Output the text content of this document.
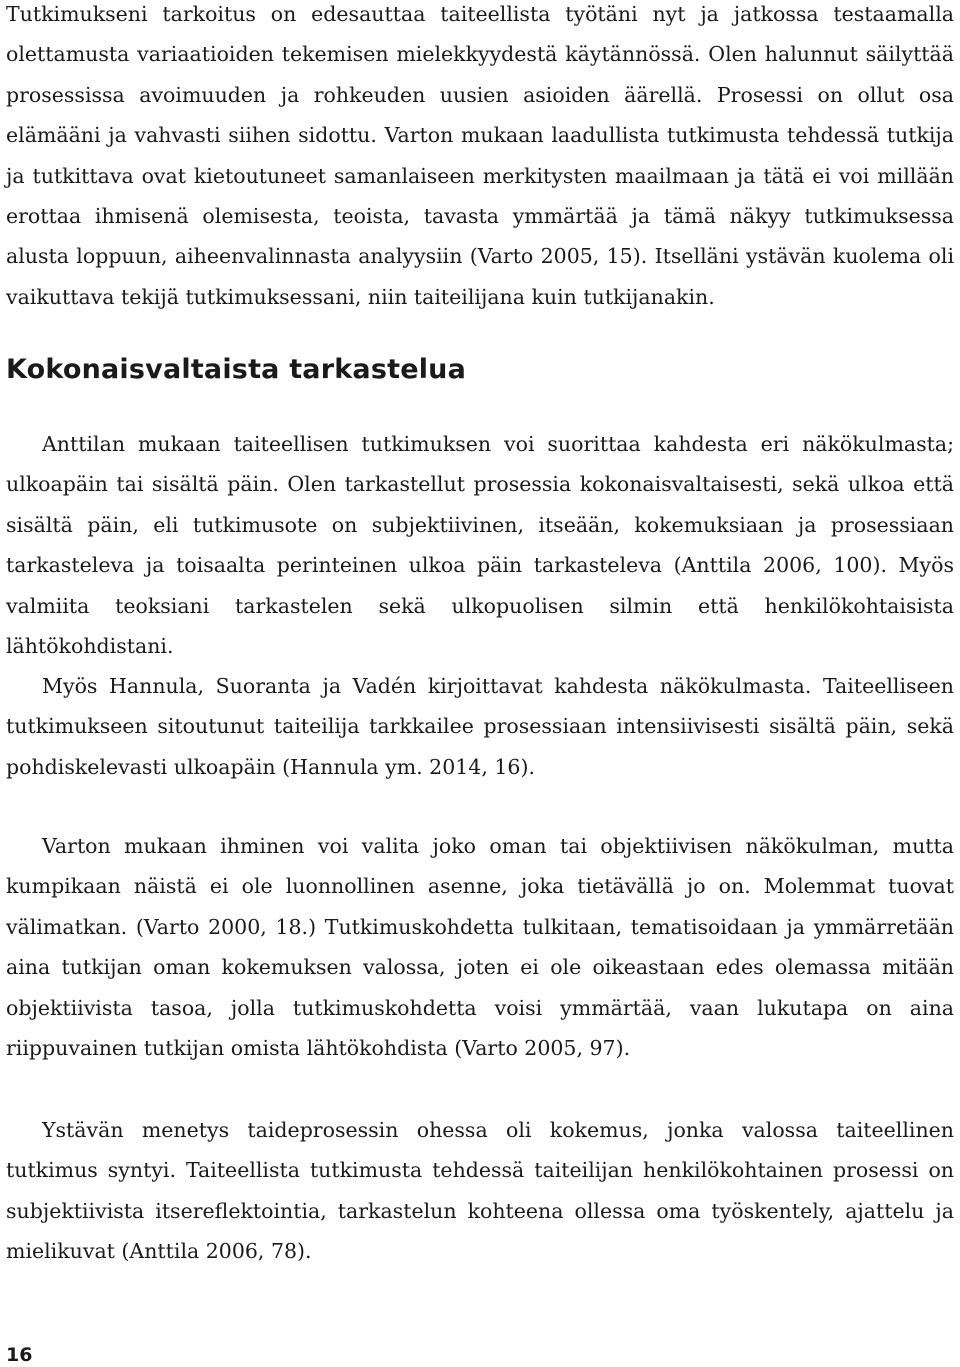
Tutkimukseni tarkoitus on edesauttaa taiteellista työtäni nyt ja jatkossa testaamalla olettamusta variaatioiden tekemisen mielekkyydestä käytännössä. Olen halunnut säilyttää prosessissa avoimuuden ja rohkeuden uusien asioiden äärellä. Prosessi on ollut osa elämääni ja vahvasti siihen sidottu. Varton mukaan laadullista tutkimusta tehdessä tutkija ja tutkittava ovat kietoutuneet samanlaiseen merkitysten maailmaan ja tätä ei voi millään erottaa ihmisenä olemisesta, teoista, tavasta ymmärtää ja tämä näkyy tutkimuksessa alusta loppuun, aiheenvalinnasta analyysiin (Varto 2005, 15). Itselläni ystävän kuolema oli vaikuttava tekijä tutkimuksessani, niin taiteilijana kuin tutkijanakin.

Kokonaisvaltaista tarkastelua

Anttilan mukaan taiteellisen tutkimuksen voi suorittaa kahdesta eri näkökulmasta; ulkoapäin tai sisältä päin. Olen tarkastellut prosessia kokonaisvaltaisesti, sekä ulkoa että sisältä päin, eli tutkimusote on subjektiivinen, itseään, kokemuksiaan ja prosessiaan tarkasteleva ja toisaalta perinteinen ulkoa päin tarkasteleva (Anttila 2006, 100). Myös valmiita teoksiani tarkastelen sekä ulkopuolisen silmin että henkilökohtaisista lähtökohdistani.

Myös Hannula, Suoranta ja Vadén kirjoittavat kahdesta näkökulmasta. Taiteelliseen tutkimukseen sitoutunut taiteilija tarkkailee prosessiaan intensiivisesti sisältä päin, sekä pohdiskelevasti ulkoapäin (Hannula ym. 2014, 16).

Varton mukaan ihminen voi valita joko oman tai objektiivisen näkökulman, mutta kumpikaan näistä ei ole luonnollinen asenne, joka tietävällä jo on. Molemmat tuovat välimatkan. (Varto 2000, 18.) Tutkimuskohdetta tulkitaan, tematisoidaan ja ymmärretään aina tutkijan oman kokemuksen valossa, joten ei ole oikeastaan edes olemassa mitään objektiivista tasoa, jolla tutkimuskohdetta voisi ymmärtää, vaan lukutapa on aina riippuvainen tutkijan omista lähtökohdista (Varto 2005, 97).

Ystävän menetys taideprosessin ohessa oli kokemus, jonka valossa taiteellinen tutkimus syntyi. Taiteellista tutkimusta tehdessä taiteilijan henkilökohtainen prosessi on subjektiivista itsereflektointia, tarkastelun kohteena ollessa oma työskentely, ajattelu ja mielikuvat (Anttila 2006, 78).

16
